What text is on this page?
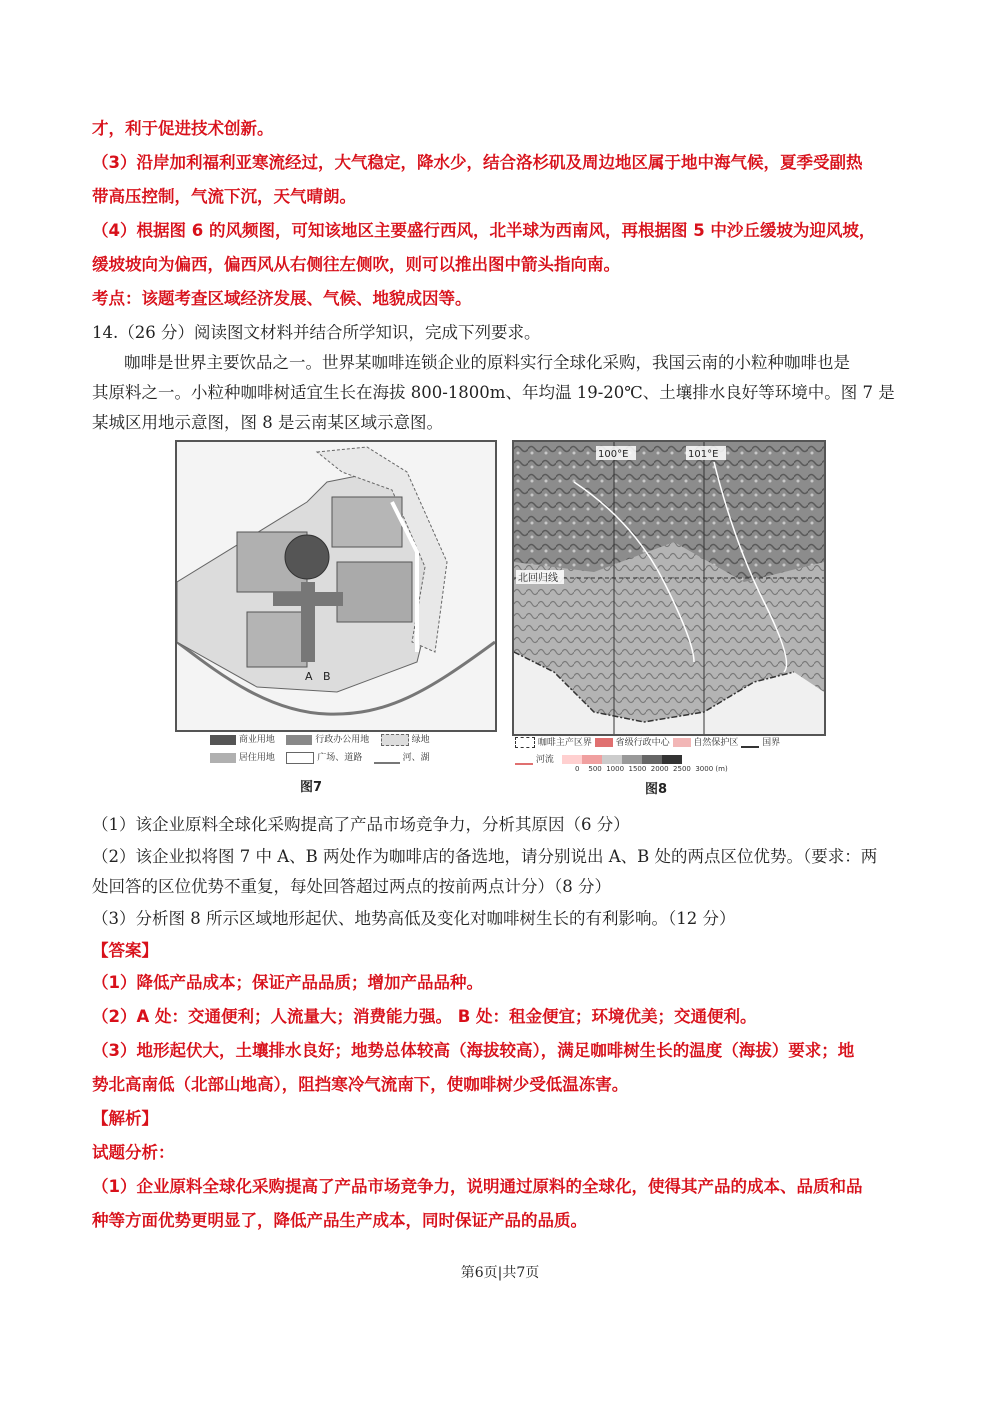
才，利于促进技术创新。
（3）沿岸加利福利亚寒流经过，大气稳定，降水少，结合洛杉矶及周边地区属于地中海气候，夏季受副热
带高压控制，气流下沉，天气晴朗。
（4）根据图 6 的风频图，可知该地区主要盛行西风，北半球为西南风，再根据图 5 中沙丘缓坡为迎风坡，
缓坡坡向为偏西，偏西风从右侧往左侧吹，则可以推出图中箭头指向南。
考点：该题考查区域经济发展、气候、地貌成因等。
14.（26 分）阅读图文材料并结合所学知识，完成下列要求。
咖啡是世界主要饮品之一。世界某咖啡连锁企业的原料实行全球化采购，我国云南的小粒种咖啡也是
其原料之一。小粒种咖啡树适宜生长在海拔 800-1800m、年均温 19-20℃、土壤排水良好等环境中。图 7 是
某城区用地示意图，图 8 是云南某区域示意图。
A B
商业用地	行政办公用地	绿地
居住用地	广场、道路	河、湖
图7
100°E	101°E
北回归线
咖啡主产区界	省级行政中心	自然保护区	国界
河流
0 500 1000 1500 2000 2500 3000 (m)
图8
（1）该企业原料全球化采购提高了产品市场竞争力，分析其原因（6 分）
（2）该企业拟将图 7 中 A、B 两处作为咖啡店的备选地，请分别说出 A、B 处的两点区位优势。（要求：两
处回答的区位优势不重复，每处回答超过两点的按前两点计分）（8 分）
（3）分析图 8 所示区域地形起伏、地势高低及变化对咖啡树生长的有利影响。（12 分）
【答案】
（1）降低产品成本；保证产品品质；增加产品品种。
（2）A 处：交通便利；人流量大；消费能力强。 B 处：租金便宜；环境优美；交通便利。
（3）地形起伏大，土壤排水良好；地势总体较高（海拔较高），满足咖啡树生长的温度（海拔）要求；地
势北高南低（北部山地高），阻挡寒冷气流南下，使咖啡树少受低温冻害。
【解析】
试题分析：
（1）企业原料全球化采购提高了产品市场竞争力，说明通过原料的全球化，使得其产品的成本、品质和品
种等方面优势更明显了，降低产品生产成本，同时保证产品的品质。
第6页|共7页
